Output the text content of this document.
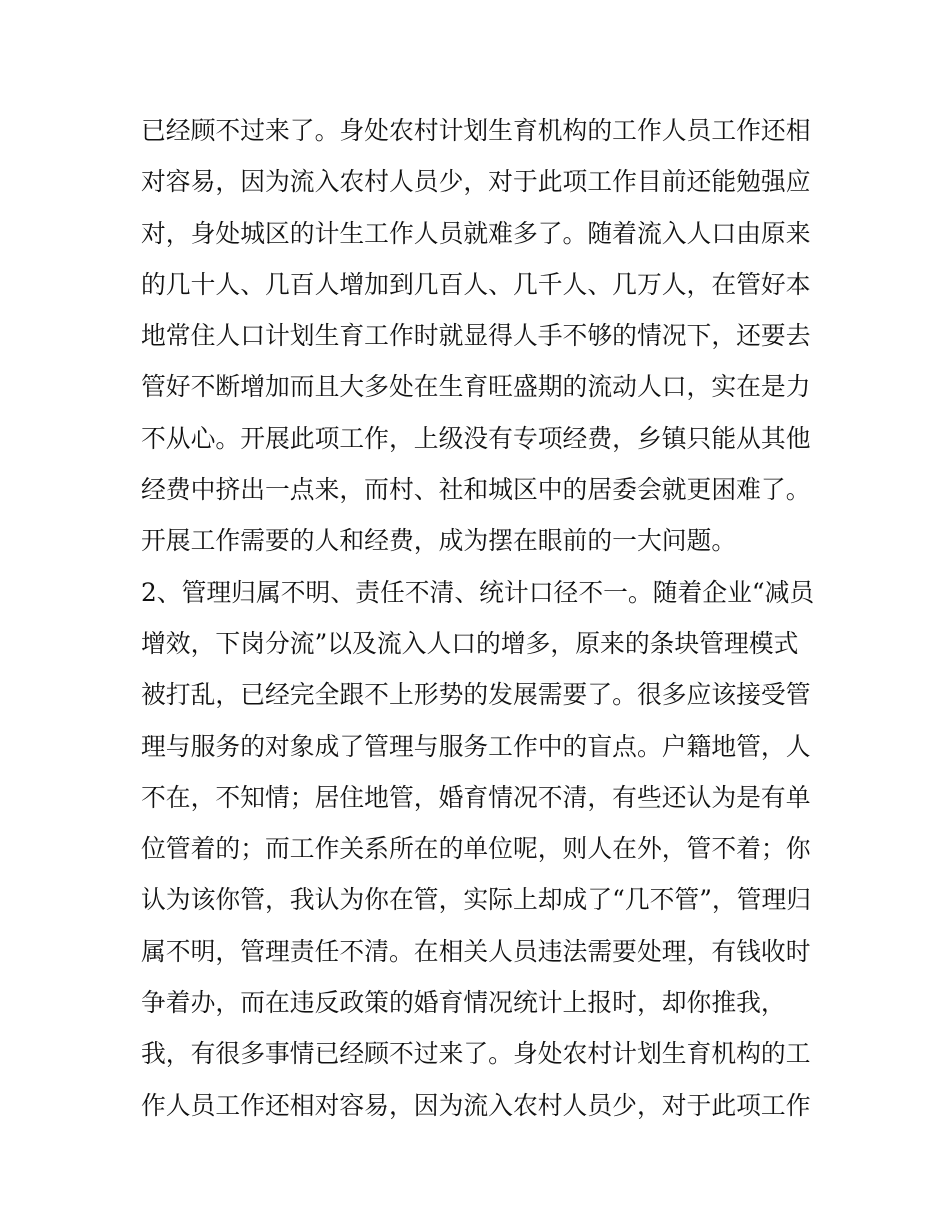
已经顾不过来了。身处农村计划生育机构的工作人员工作还相
对容易，因为流入农村人员少，对于此项工作目前还能勉强应
对，身处城区的计生工作人员就难多了。随着流入人口由原来
的几十人、几百人增加到几百人、几千人、几万人，在管好本
地常住人口计划生育工作时就显得人手不够的情况下，还要去
管好不断增加而且大多处在生育旺盛期的流动人口，实在是力
不从心。开展此项工作，上级没有专项经费，乡镇只能从其他
经费中挤出一点来，而村、社和城区中的居委会就更困难了。
开展工作需要的人和经费，成为摆在眼前的一大问题。
2、管理归属不明、责任不清、统计口径不一。随着企业“减员
增效，下岗分流”以及流入人口的增多，原来的条块管理模式
被打乱，已经完全跟不上形势的发展需要了。很多应该接受管
理与服务的对象成了管理与服务工作中的盲点。户籍地管，人
不在，不知情；居住地管，婚育情况不清，有些还认为是有单
位管着的；而工作关系所在的单位呢，则人在外，管不着；你
认为该你管，我认为你在管，实际上却成了“几不管”，管理归
属不明，管理责任不清。在相关人员违法需要处理，有钱收时
争着办，而在违反政策的婚育情况统计上报时，却你推我，
我，有很多事情已经顾不过来了。身处农村计划生育机构的工
作人员工作还相对容易，因为流入农村人员少，对于此项工作
